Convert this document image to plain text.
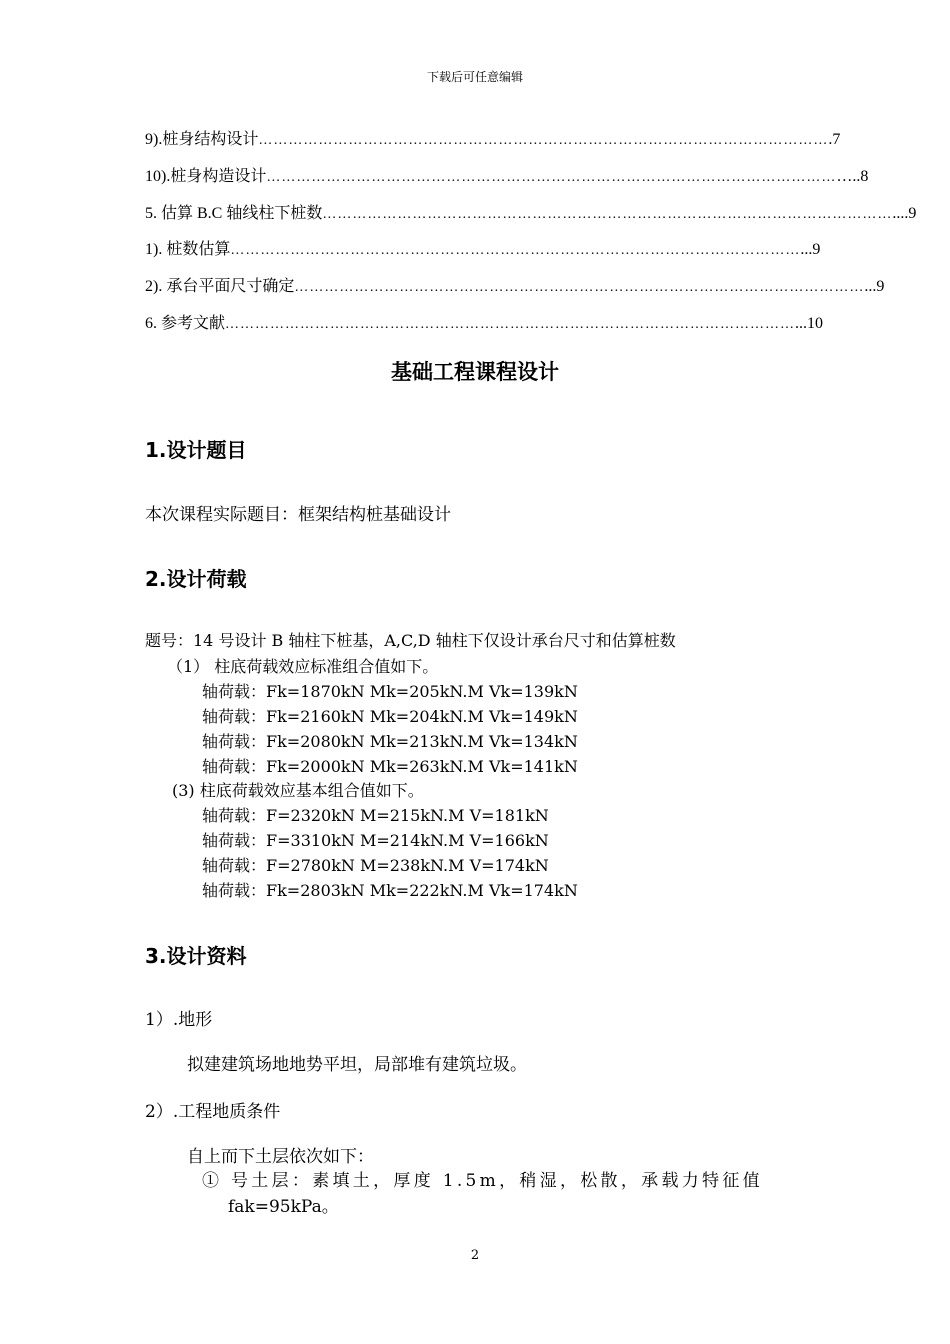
下载后可任意编辑
9).桩身结构设计 …………………………………………………………………………………………………… .7
10).桩身构造设计 …………………………………………………………………………………………………… …..8
5. 估算 B.C 轴线柱下桩数 …………………………………………………………………………………………………… ....9
1). 桩数估算 …………………………………………………………………………………………………… ...9
2). 承台平面尺寸确定 …………………………………………………………………………………………………… ...9
6. 参考文献 …………………………………………………………………………………………………… ...10
基础工程课程设计
1.设计题目
本次课程实际题目：框架结构桩基础设计
2.设计荷载
题号：14 号设计 B 轴柱下桩基，A,C,D 轴柱下仅设计承台尺寸和估算桩数
（1） 柱底荷载效应标准组合值如下。
轴荷载：Fk=1870kN Mk=205kN.M Vk=139kN
轴荷载：Fk=2160kN Mk=204kN.M Vk=149kN
轴荷载：Fk=2080kN Mk=213kN.M Vk=134kN
轴荷载：Fk=2000kN Mk=263kN.M Vk=141kN
(3) 柱底荷载效应基本组合值如下。
轴荷载：F=2320kN M=215kN.M V=181kN
轴荷载：F=3310kN M=214kN.M V=166kN
轴荷载：F=2780kN M=238kN.M V=174kN
轴荷载：Fk=2803kN Mk=222kN.M Vk=174kN
3.设计资料
1）.地形
拟建建筑场地地势平坦，局部堆有建筑垃圾。
2）.工程地质条件
自上而下土层依次如下：
① 号土层：素填土，厚度 1.5m，稍湿，松散，承载力特征值
fak=95kPa。
2
